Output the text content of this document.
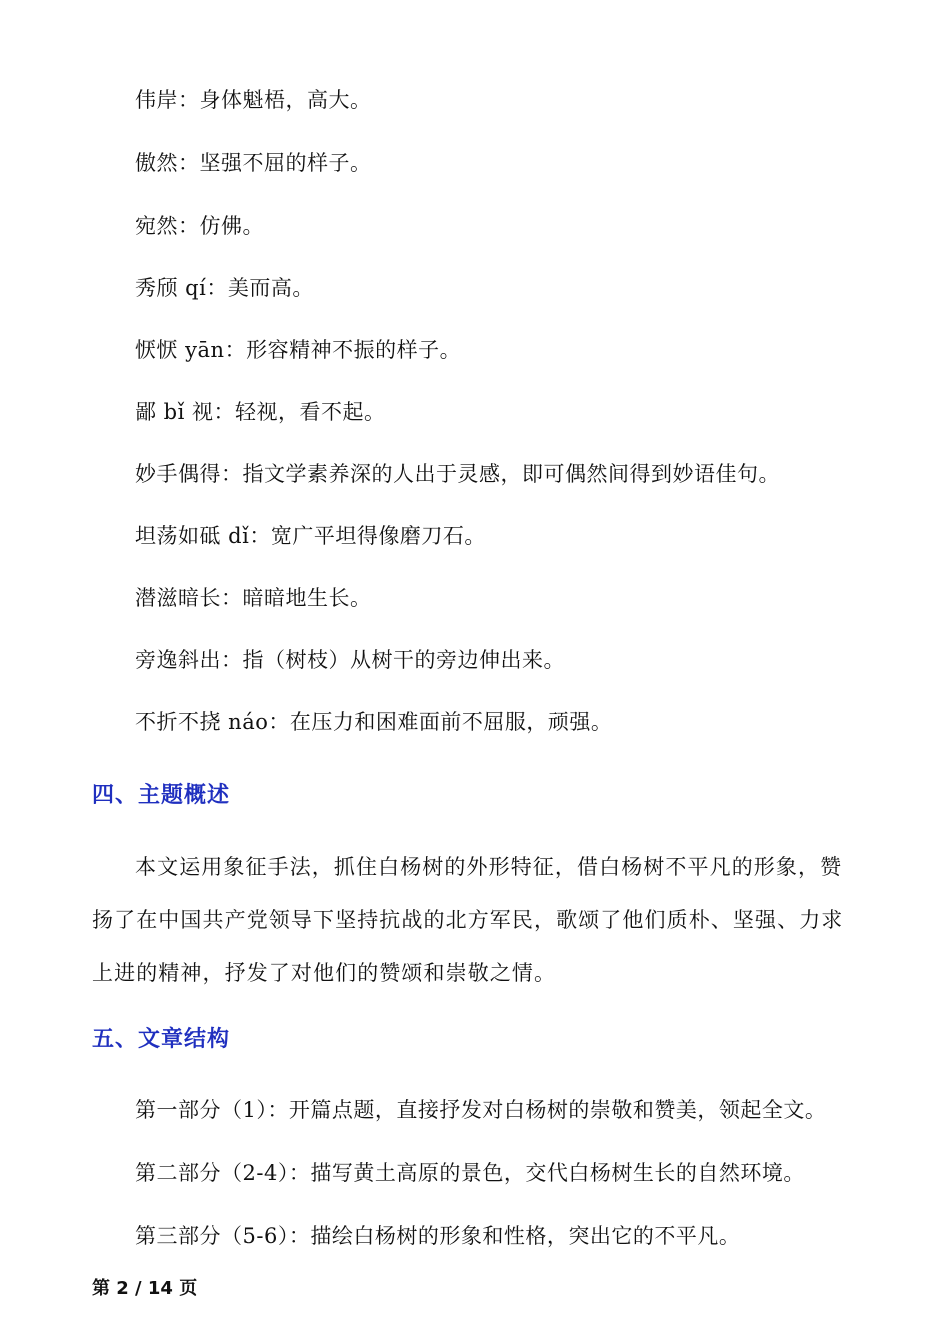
伟岸：身体魁梧，高大。
傲然：坚强不屈的样子。
宛然：仿佛。
秀颀 qí：美而高。
恹恹 yān：形容精神不振的样子。
鄙 bǐ 视：轻视，看不起。
妙手偶得：指文学素养深的人出于灵感，即可偶然间得到妙语佳句。
坦荡如砥 dǐ：宽广平坦得像磨刀石。
潜滋暗长：暗暗地生长。
旁逸斜出：指（树枝）从树干的旁边伸出来。
不折不挠 náo：在压力和困难面前不屈服，顽强。
四、主题概述

本文运用象征手法，抓住白杨树的外形特征，借白杨树不平凡的形象，赞扬了在中国共产党领导下坚持抗战的北方军民，歌颂了他们质朴、坚强、力求上进的精神，抒发了对他们的赞颂和崇敬之情。

五、文章结构
第一部分（1）：开篇点题，直接抒发对白杨树的崇敬和赞美，领起全文。
第二部分（2-4）：描写黄土高原的景色，交代白杨树生长的自然环境。
第三部分（5-6）：描绘白杨树的形象和性格，突出它的不平凡。
第 2 / 14 页
